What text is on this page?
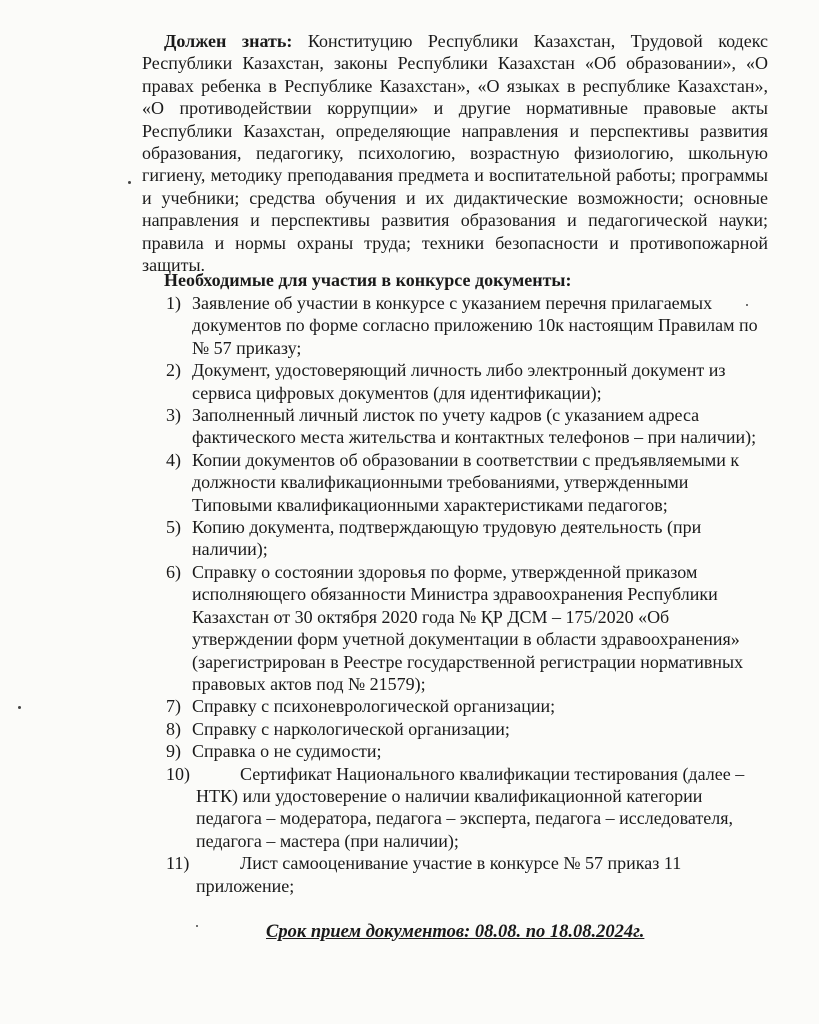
Должен знать: Конституцию Республики Казахстан, Трудовой кодекс Республики Казахстан, законы Республики Казахстан «Об образовании», «О правах ребенка в Республике Казахстан», «О языках в республике Казахстан», «О противодействии коррупции» и другие нормативные правовые акты Республики Казахстан, определяющие направления и перспективы развития образования, педагогику, психологию, возрастную физиологию, школьную гигиену, методику преподавания предмета и воспитательной работы; программы и учебники; средства обучения и их дидактические возможности; основные направления и перспективы развития образования и педагогической науки; правила и нормы охраны труда; техники безопасности и противопожарной защиты.
Необходимые для участия в конкурсе документы:
1) Заявление об участии в конкурсе с указанием перечня прилагаемых документов по форме согласно приложению 10к настоящим Правилам по № 57 приказу;
2) Документ, удостоверяющий личность либо электронный документ из сервиса цифровых документов (для идентификации);
3) Заполненный личный листок по учету кадров (с указанием адреса фактического места жительства и контактных телефонов – при наличии);
4) Копии документов об образовании в соответствии с предъявляемыми к должности квалификационными требованиями, утвержденными Типовыми квалификационными характеристиками педагогов;
5) Копию документа, подтверждающую трудовую деятельность (при наличии);
6) Справку о состоянии здоровья по форме, утвержденной приказом исполняющего обязанности Министра здравоохранения Республики Казахстан от 30 октября 2020 года № ҚР ДСМ – 175/2020 «Об утверждении форм учетной документации в области здравоохранения» (зарегистрирован в Реестре государственной регистрации нормативных правовых актов под № 21579);
7) Справку с психоневрологической организации;
8) Справку с наркологической организации;
9) Справка о не судимости;
10)	Сертификат Национального квалификации тестирования (далее – НТК) или удостоверение о наличии квалификационной категории педагога – модератора, педагога – эксперта, педагога – исследователя, педагога – мастера (при наличии);
11)	Лист самооценивание участие в конкурсе № 57 приказ 11 приложение;
Срок прием документов: 08.08. по 18.08.2024г.
